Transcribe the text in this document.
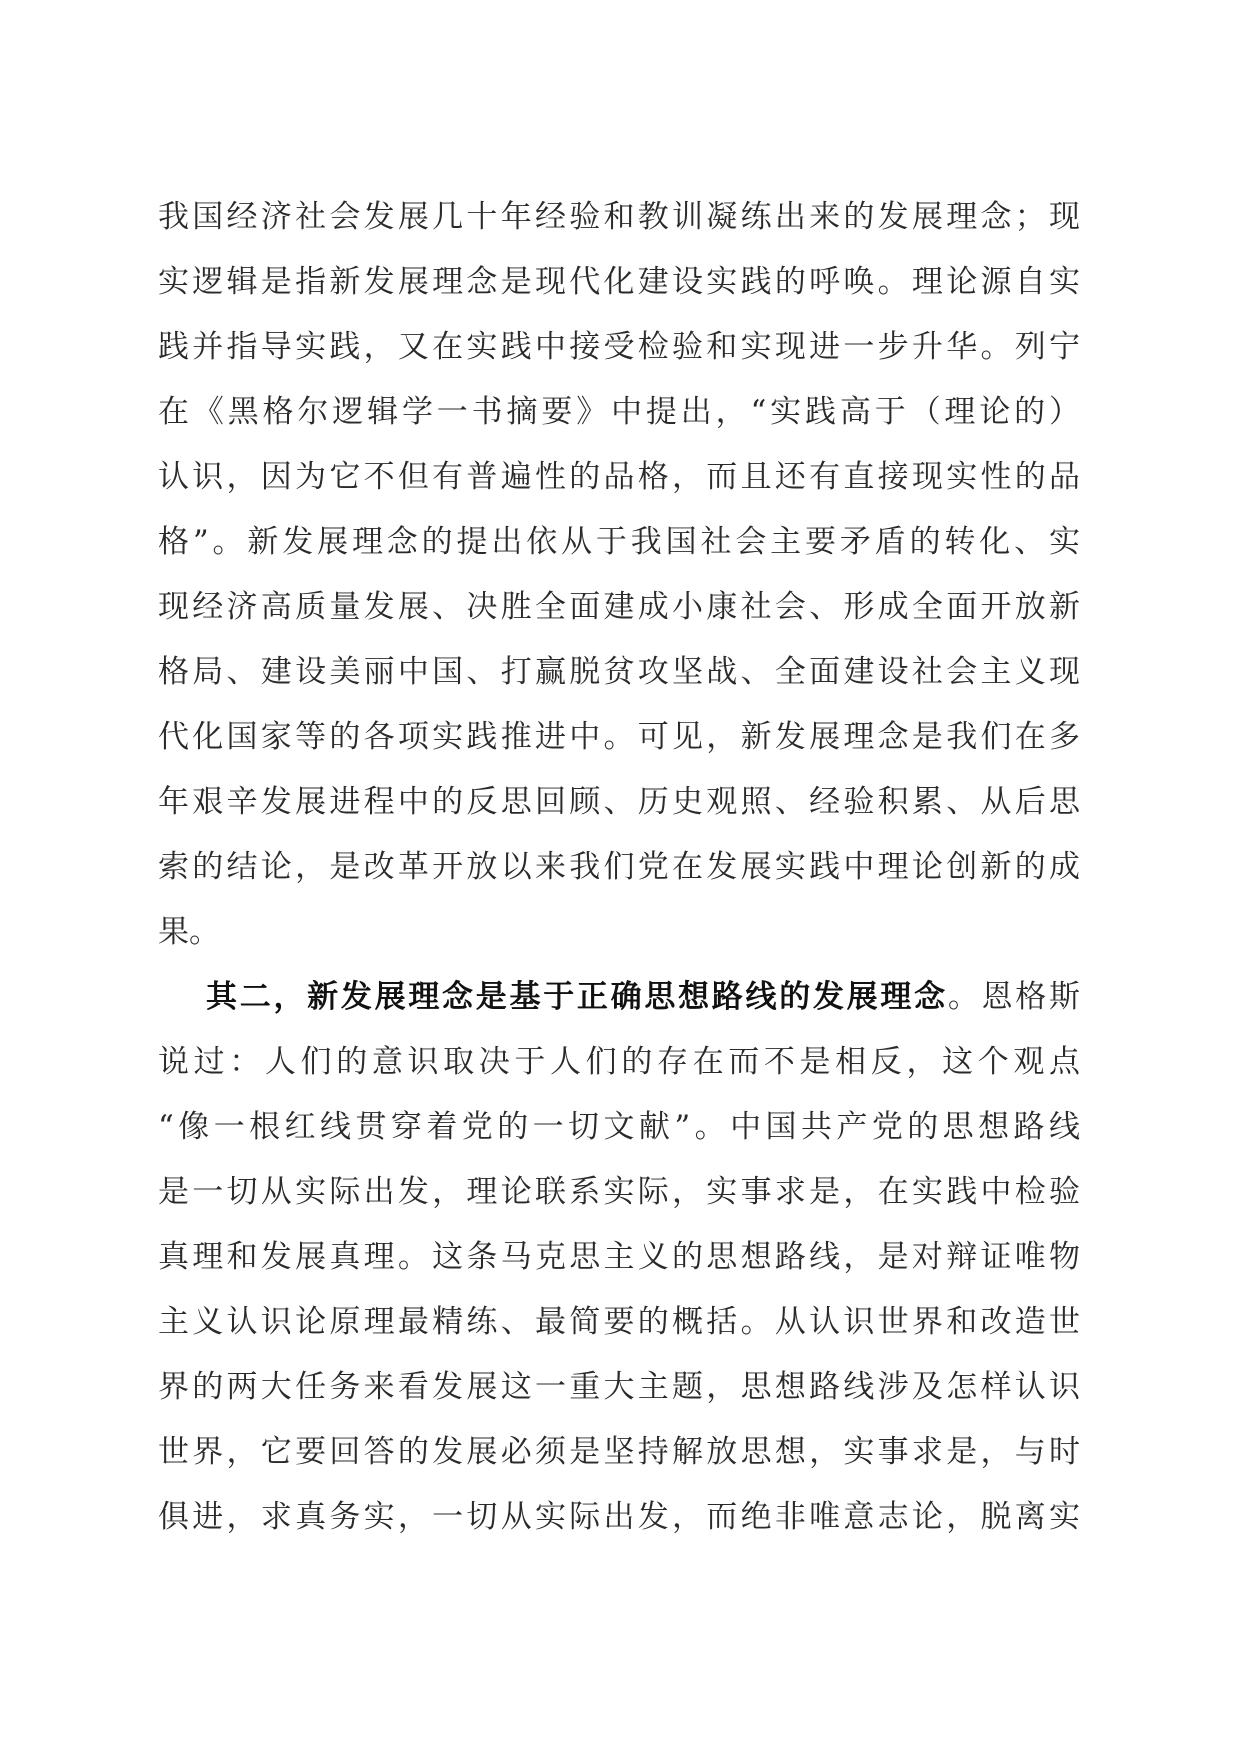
我国经济社会发展几十年经验和教训凝练出来的发展理念；现
实逻辑是指新发展理念是现代化建设实践的呼唤。理论源自实
践并指导实践，又在实践中接受检验和实现进一步升华。列宁
在《黑格尔逻辑学一书摘要》中提出，“实践高于（理论的）
认识，因为它不但有普遍性的品格，而且还有直接现实性的品
格”。新发展理念的提出依从于我国社会主要矛盾的转化、实
现经济高质量发展、决胜全面建成小康社会、形成全面开放新
格局、建设美丽中国、打赢脱贫攻坚战、全面建设社会主义现
代化国家等的各项实践推进中。可见，新发展理念是我们在多
年艰辛发展进程中的反思回顾、历史观照、经验积累、从后思
索的结论，是改革开放以来我们党在发展实践中理论创新的成
果。
其二，新发展理念是基于正确思想路线的发展理念。恩格斯
说过：人们的意识取决于人们的存在而不是相反，这个观点
“像一根红线贯穿着党的一切文献”。中国共产党的思想路线
是一切从实际出发，理论联系实际，实事求是，在实践中检验
真理和发展真理。这条马克思主义的思想路线，是对辩证唯物
主义认识论原理最精练、最简要的概括。从认识世界和改造世
界的两大任务来看发展这一重大主题，思想路线涉及怎样认识
世界，它要回答的发展必须是坚持解放思想，实事求是，与时
俱进，求真务实，一切从实际出发，而绝非唯意志论，脱离实
